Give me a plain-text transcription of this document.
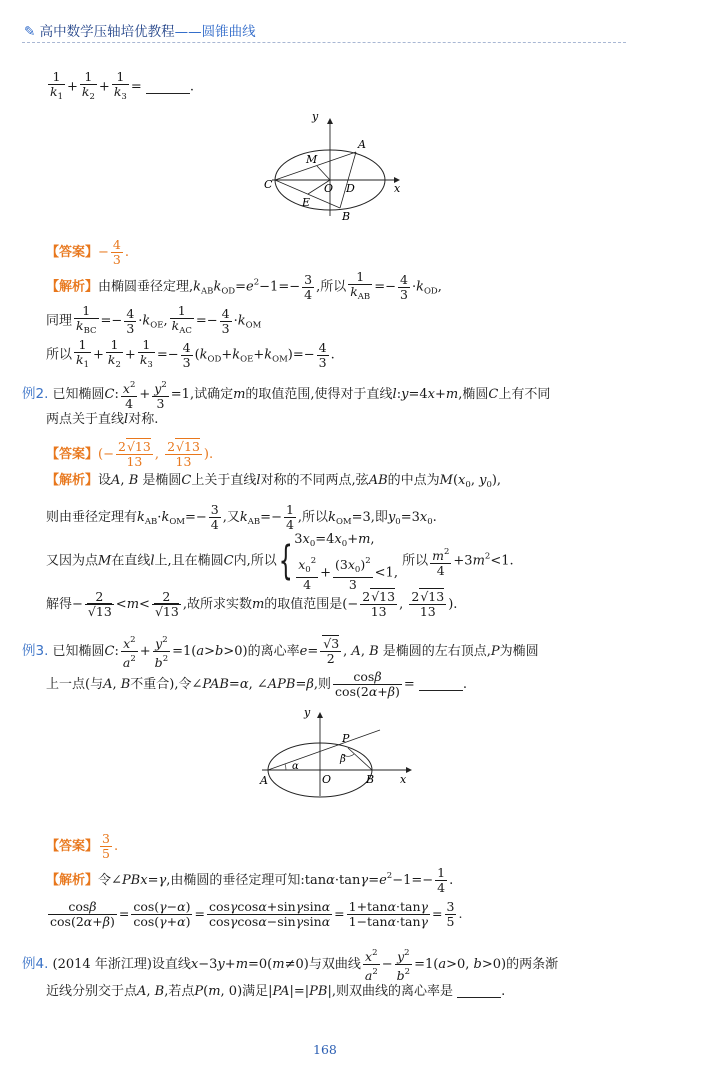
✎ 高中数学压轴培优教程——圆锥曲线
$\frac{1}{k_1} + \frac{1}{k_2} + \frac{1}{k_3}$ =	.
y
A
M
C	O D	x
E
B
【答案】− $\frac{4}{3}$ .
【解析】由椭圆垂径定理$,k_{AB}k_{OD}=e^2-1=- \frac{3}{4}$ ,所以
1
$k_{AB}$
=− $\frac{4}{3} \cdot k_{OD}$,
同理
1
$k_{BC}$
=− $\frac{4}{3} \cdot k_{OE}$,
1
$k_{AC}$
=− $\frac{4}{3} \cdot k_{OM}$
所以 $\frac{1}{k_1} + \frac{1}{k_2} + \frac{1}{k_3} =- \frac{4}{3} (k_{OD}+k_{OE}+k_{OM})=- \frac{4}{3}$ .
例2. 已知椭圆C: $\frac{x^2}{4} + \frac{y^2}{3} =1$,试确定m的取值范围,使得对于直线l:y=4x+m,椭圆C上有不同
两点关于直线l对称.
【答案】(− $\frac{2√13}{13}$ , $\frac{2√13}{13}$ ).
【解析】设A, B 是椭圆C上关于直线l对称的不同两点,弦AB的中点为$M(x_0$, $y_0$),
则由垂径定理有$k_{AB}\cdot k_{OM}=- \frac{3}{4}$ ,又$k_{AB}=- \frac{1}{4}$ ,所以$k_{OM}=3$,即$y_0=3x_0$.
又因为点M在直线l上,且在椭圆C内,所以{ $3x_0=4x_0+m$,
$\frac{x_0^2}{4} + \frac{(3x_0)^2}{3} <1$,
所以 $\frac{m^2}{4} +3m^2<1$.
解得− $\frac{2}{√13} <m< \frac{2}{√13}$ ,故所求实数m的取值范围是(− $\frac{2√13}{13}$ , $\frac{2√13}{13}$ ).
例3. 已知椭圆C: $\frac{x^2}{a^2} + \frac{y^2}{b^2} =1(a>b>0)$的离心率$e= \frac{√3}{2}$ , A, B 是椭圆的左右顶点,P为椭圆
上一点(与A, B不重合),令∠PAB=α, ∠APB=β,则 $\frac{\cos\beta}{\cos(2\alpha+\beta)}$ =	.
y
P
β
α
A	O	B x
【答案】 $\frac{3}{5}$ .
【解析】令∠PBx=γ,由椭圆的垂径定理可知$:\tan\alpha\cdot\tan\gamma=e^2-1=- \frac{1}{4}$ .
$\frac{\cos\beta}{\cos(2\alpha+\beta)} = \frac{\cos(\gamma-\alpha)}{\cos(\gamma+\alpha)} = \frac{\cos\gamma\cos\alpha+\sin\gamma\sin\alpha}{\cos\gamma\cos\alpha-\sin\gamma\sin\alpha} = \frac{1+\tan\alpha\cdot\tan\gamma}{1-\tan\alpha\cdot\tan\gamma} = \frac{3}{5}$ .
例4. (2014 年浙江理)设直线x−3y+m=0(m≠0)与双曲线 $\frac{x^2}{a^2} - \frac{y^2}{b^2} =1(a>0$, b>0)的两条渐
近线分别交于点A, B,若点P(m, 0)满足|PA|=|PB|,则双曲线的离心率是	.
168
